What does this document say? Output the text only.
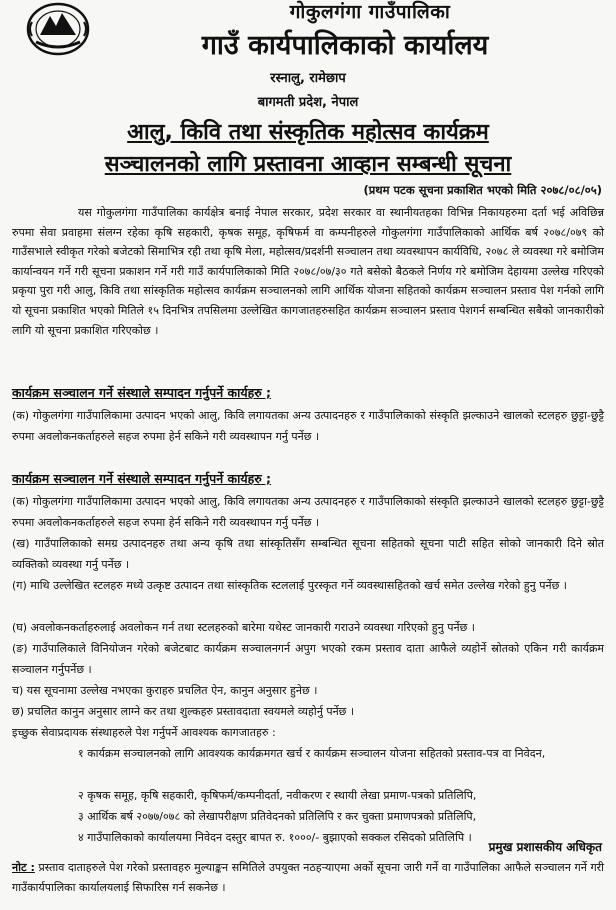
गोकुलगंगा गाउँपालिका
गाउँ कार्यपालिकाको कार्यालय
रस्नालु, रामेछाप
बागमती प्रदेश, नेपाल
आलु, किवि तथा संस्कृतिक महोत्सव कार्यक्रम
सञ्चालनको लागि प्रस्तावना आव्हान सम्बन्धी सूचना
(प्रथम पटक सूचना प्रकाशित भएको मिति २०७८/०८/०५)
यस गोकुलगंगा गाउँपालिका कार्यक्षेत्र बनाई नेपाल सरकार, प्रदेश सरकार वा स्थानीयतहका विभिन्न निकायहरुमा दर्ता भई अविछिन्न रुपमा सेवा प्रवाहमा संलग्न रहेका कृषि सहकारी, कृषक समूह, कृषिफर्म वा कम्पनीहरुले गोकुलगंगा गाउँपालिकाको आर्थिक बर्ष २०७८/०७९ को गाउँसभाले स्वीकृत गरेको बजेटको सिमाभित्र रही तथा कृषि मेला, महोत्सव/प्रदर्शनी सञ्चालन तथा व्यवस्थापन कार्यविधि, २०७८ ले व्यवस्था गरे बमोजिम कार्यान्वयन गर्ने गरी सूचना प्रकाशन गर्ने गरी गाउँ कार्यपालिकाको मिति २०७८/०७/३० गते बसेको बैठकले निर्णय गरे बमोजिम देहायमा उल्लेख गरिएको प्रकृया पुरा गरी आलु, किवि तथा सांस्कृतिक महोत्सव कार्यक्रम सञ्चालनको लागि आर्थिक योजना सहितको कार्यक्रम सञ्चालन प्रस्ताव पेश गर्नको लागि यो सूचना प्रकाशित भएको मितिले १५ दिनभित्र तपसिलमा उल्लेखित कागजातहरुसहित कार्यक्रम सञ्चालन प्रस्ताव पेशगर्न सम्बन्धित सबैको जानकारीको लागि यो सूचना प्रकाशित गरिएकोछ ।
कार्यक्रम सञ्चालन गर्ने संस्थाले सम्पादन गर्नुपर्ने कार्यहरु ;
(क) गोकुलगंगा गाउँपालिकामा उत्पादन भएको आलु, किवि लगायतका अन्य उत्पादनहरु र गाउँपालिकाको संस्कृति झल्काउने खालको स्टलहरु छुट्टा-छुट्टै रुपमा अवलोकनकर्ताहरुले सहज रुपमा हेर्न सकिने गरी व्यवस्थापन गर्नु पर्नेछ ।
कार्यक्रम सञ्चालन गर्ने संस्थाले सम्पादन गर्नुपर्ने कार्यहरु ;
(क) गोकुलगंगा गाउँपालिकामा उत्पादन भएको आलु, किवि लगायतका अन्य उत्पादनहरु र गाउँपालिकाको संस्कृति झल्काउने खालको स्टलहरु छुट्टा-छुट्टै रुपमा अवलोकनकर्ताहरुले सहज रुपमा हेर्न सकिने गरी व्यवस्थापन गर्नु पर्नेछ ।
(ख) गाउँपालिकाको समग्र उत्पादनहरु तथा अन्य कृषि तथा सांस्कृतिसँग सम्बन्धित सूचना सहितको सूचना पाटी सहित सोको जानकारी दिने स्रोत व्यक्तिको व्यवस्था गर्नु पर्नेछ ।
(ग) माथि उल्लेखित स्टलहरु मध्ये उत्कृष्ट उत्पादन तथा सांस्कृतिक स्टललाई पुरस्कृत गर्ने व्यवस्थासहितको खर्च समेत उल्लेख गरेको हुनु पर्नेछ ।
(घ) अवलोकनकर्ताहरुलाई अवलोकन गर्न तथा स्टलहरुको बारेमा यथेस्ट जानकारी गराउने व्यवस्था गरिएको हुनु पर्नेछ ।
(ङ) गाउँपालिकाले विनियोजन गरेको बजेटबाट कार्यक्रम सञ्चालनगर्न अपुग भएको रकम प्रस्ताव दाता आफैले व्यहोर्ने स्रोतको एकिन गरी कार्यक्रम सञ्चालन गर्नुपर्नेछ ।
च) यस सूचनामा उल्लेख नभएका कुराहरु प्रचलित ऐन, कानुन अनुसार हुनेछ ।
छ) प्रचलित कानुन अनुसार लाग्ने कर तथा शुल्कहरु प्रस्तावदाता स्वयमले व्यहोर्नु पर्नेछ ।
इच्छुक सेवाप्रदायक संस्थाहरुले पेश गर्नुपर्ने आवश्यक कागजातहरु :
१ कार्यक्रम सञ्चालनको लागि आवश्यक कार्यक्रमगत खर्च र कार्यक्रम सञ्चालन योजना सहितको प्रस्ताव-पत्र वा निवेदन,
२ कृषक समूह, कृषि सहकारी, कृषिफर्म/कम्पनीदर्ता, नवीकरण र स्थायी लेखा प्रमाण-पत्रको प्रतिलिपि,
३ आर्थिक बर्ष २०७७/०७८ को लेखापरीक्षण प्रतिवेदनको प्रतिलिपि र कर चुक्ता प्रमाणपत्रको प्रतिलिपि,
४ गाउँपालिकाको कार्यालयमा निवेदन दस्तुर बापत रु. १०००/- बुझाएको सक्कल रसिदको प्रतिलिपि ।
प्रमुख प्रशासकीय अधिकृत
नोट : प्रस्ताव दाताहरुले पेश गरेको प्रस्तावहरु मुल्याङ्कन समितिले उपयुक्त नठहऱ्याएमा अर्को सूचना जारी गर्ने वा गाउँपालिका आफैले सञ्चालन गर्ने गरी गाउँकार्यपालिका कार्यालयलाई सिफारिस गर्न सकनेछ ।
